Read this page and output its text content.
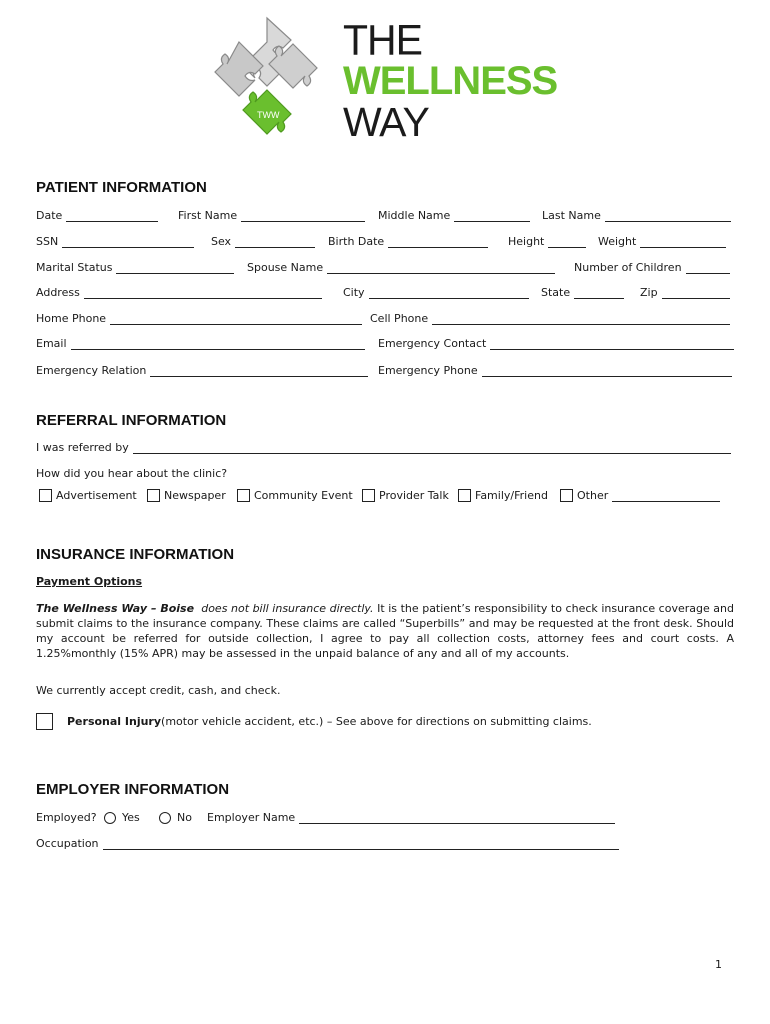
TWW
THE
WELLNESS
WAY
PATIENT INFORMATION
Date	First Name	Middle Name	Last Name
SSN	Sex	Birth Date	Height	Weight
Marital Status	Spouse Name	Number of Children
Address	City	State	Zip
Home Phone	Cell Phone
Email	Emergency Contact
Emergency Relation	Emergency Phone
REFERRAL INFORMATION
I was referred by
How did you hear about the clinic?
Advertisement Newspaper	Community Event Provider Talk Family/Friend	Other
INSURANCE INFORMATION
Payment Options
The Wellness Way – Boise does not bill insurance directly. It is the patient’s responsibility to check insurance coverage and submit claims to the insurance company. These claims are called “Superbills” and may be requested at the front desk. Should my account be referred for outside collection, I agree to pay all collection costs, attorney fees and court costs. A 1.25%monthly (15% APR) may be assessed in the unpaid balance of any and all of my accounts.
We currently accept credit, cash, and check.
Personal Injury (motor vehicle accident, etc.) – See above for directions on submitting claims.
EMPLOYER INFORMATION
Employed? Yes	No Employer Name
Occupation
1
